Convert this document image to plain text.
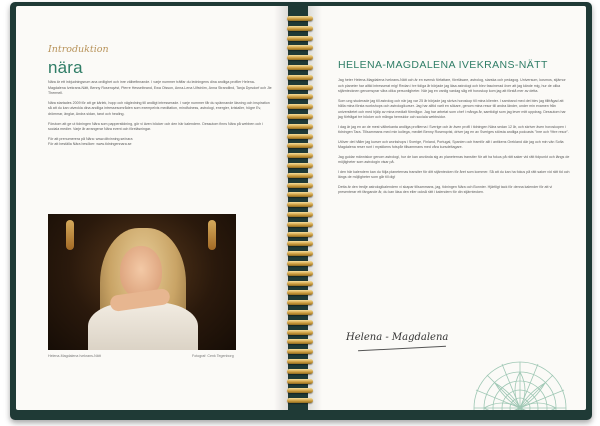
Introduktion
nära

Nära är ett inbjudningsrum ana ordlighet och inre välbefinnande. I varje nummer träffar du ledningens dina andliga profiler Helena-Magdalena Ivekrans-Nätt, Benny Rosenqvist, Pierre Hesselbrand, Ewa Olsson, Anna-Lena Ulfström, Anna Strandlind, Tanja Dyrsdorf och Jie Thermell.

Nära startades 2009 för att ge kärlek, hopp och vägledning till andligt intresserade. I varje nummer får du spännande läsning och inspiration så att du kan utveckla dina andliga intressesområden som exempelvis meditation, mindfulness, astrologi, energier, kristaller, högre Ev, drömmar, änglar, Andra sidan, tarot och healing.

Förutom att ge ut tidningen Nära som papperstidning, gör vi även böcker och den här kalendern. Dessutom finns Nära på webben och i sociala medier. Varje år arrangerar Nära event och föreläsningar.

För att prenumerera på Nära: www.ditvinning.se/nara
För att beställa Nära besöker: www.tidningennara.se

Helena-Magdalena Ivekrans-Nätt	Fotograf: Cenk Tegenborg
HELENA-MAGDALENA IVEKRANS-NÄTT

Jag heter Helena-Magdalena Ivekrans-Nätt och är en svensk författare, föreläsare, astrolog, siarska och pedagog. Universum, kosmos, stjärnor och planeter har alltid intresserat mig! Redan i tre tidiga år började jag läsa astrologi och blev fascinerad över att jag kände mig, hur de olika stjärntecknen genomsyrar våra olika personligheter. När jag en vanlig vardag såg ett horoskop kom jag att förstå mer av detta.

Som ung studerade jag till astrolog och när jag var 25 år började jag skriva horoskop till mina klienter. I samband med det blev jag tillfrågad att hålla mina första workshops och astrologikurser. Jag har alltid varit en sökare, genom mina resor till andra länder, under min examen från universitetet och med hjälp av mina medialt förmågor. Jag har arbetat som chef i många år, samtidigt som jag lever mitt uppdrag. Dessutom har jag förfrågat tre böcker och många hemsidor och sociala webbsidor.

I dag är jag en av de mest välbekanta andliga profilerna i Sverige och är även profil i tidningen Nära sedan 12 år, och skriver även horoskopen i tidningen Tara. Tillsammans med min kollega, mediet Benny Rosenqvist, driver jag en av Sveriges största andliga podcasts "Inre och Yttre resor".

Utöver det håller jag kurser och workshops i Sverige, Finland, Portugal, Spanien och framför allt i antikens Grekland där jag och min vän Sofia Magdalena reser runt i mystikens fotspår tillsammans med våra kursdeltagare.

Jag guidar människor genom astrologi, hur de kan använda sig av planeternas transiter för att ha fokus på rätt saker vid rätt tidpunkt och längs de möjligheter som astrologin visar på.

I den här kalendern kan du följa planeternas transiter för ditt stjärntecken för året som kommer. Så att du kan ha fokus på rätt saker vid rätt tid och längs de möjligheter som går till dig!

Detta är den tredje astrologikalendern vi skapar tillsammans, jag, tidningen Nära och Bonnier. Hjärtligt tack för denna kalender för att vi presenterar ett fängande år, du kan läsa den eller också rätt i kalendern för din stjärntecken.

Helena - Magdalena
